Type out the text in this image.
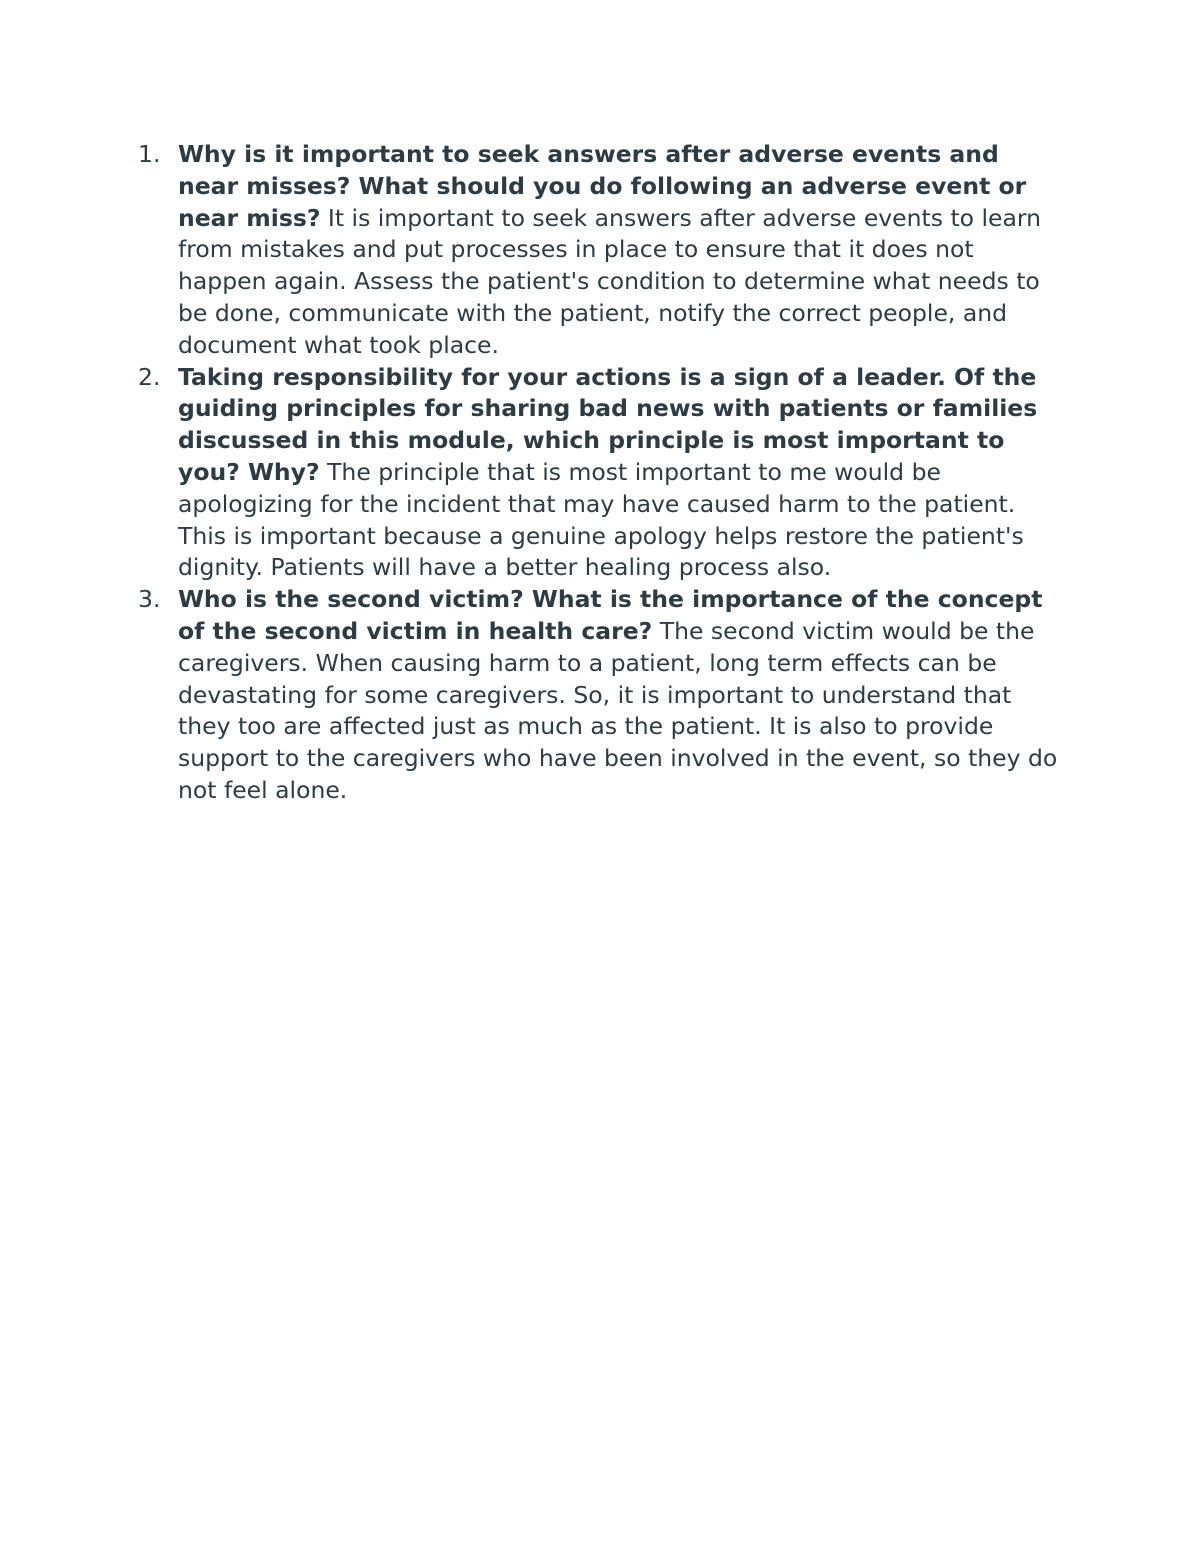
1. Why is it important to seek answers after adverse events and near misses? What should you do following an adverse event or near miss? It is important to seek answers after adverse events to learn from mistakes and put processes in place to ensure that it does not happen again. Assess the patient's condition to determine what needs to be done, communicate with the patient, notify the correct people, and document what took place.

2. Taking responsibility for your actions is a sign of a leader. Of the guiding principles for sharing bad news with patients or families discussed in this module, which principle is most important to you? Why? The principle that is most important to me would be apologizing for the incident that may have caused harm to the patient. This is important because a genuine apology helps restore the patient's dignity. Patients will have a better healing process also.

3. Who is the second victim? What is the importance of the concept of the second victim in health care? The second victim would be the caregivers. When causing harm to a patient, long term effects can be devastating for some caregivers. So, it is important to understand that they too are affected just as much as the patient. It is also to provide support to the caregivers who have been involved in the event, so they do not feel alone.
